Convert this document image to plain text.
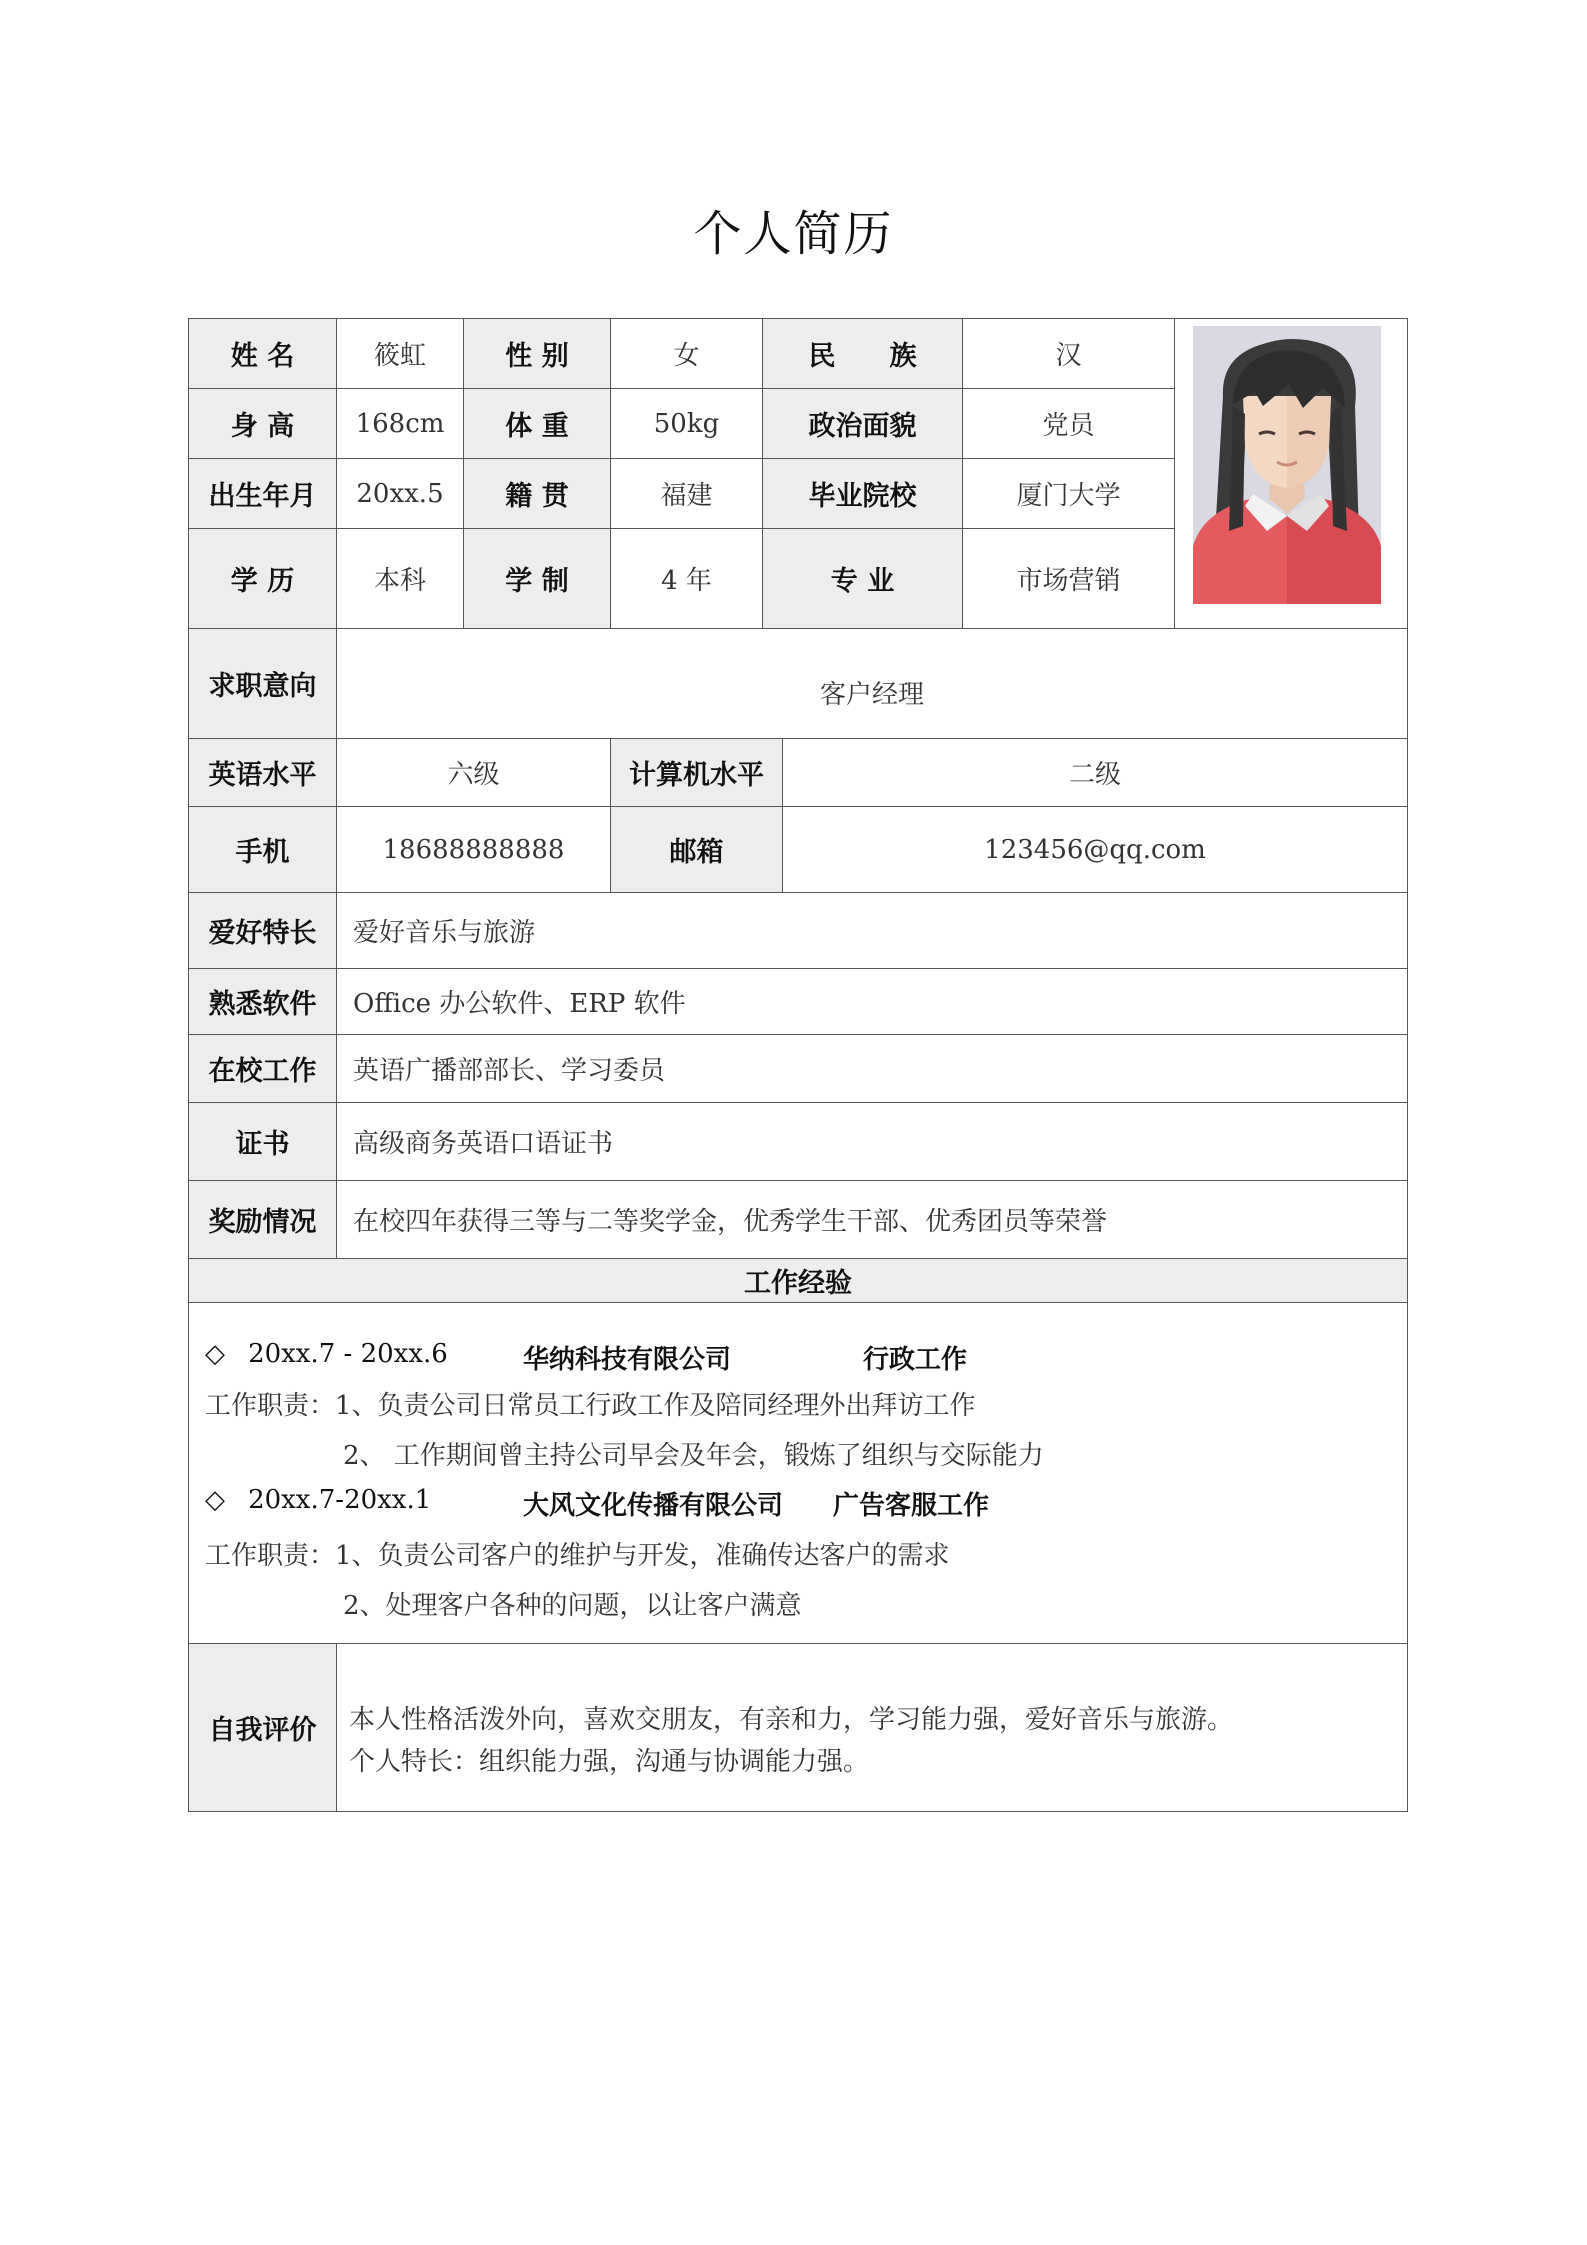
个人简历
姓 名	筱虹	性 别	女	民　　族	汉
身 高	168cm	体 重	50kg	政治面貌	党员
出生年月	20xx.5	籍 贯	福建	毕业院校	厦门大学
学 历	本科	学 制	4 年	专 业	市场营销
求职意向	客户经理
英语水平	六级	计算机水平	二级
手机	18688888888	邮箱	123456@qq.com
爱好特长	爱好音乐与旅游
熟悉软件	Office 办公软件、ERP 软件
在校工作	英语广播部部长、学习委员
证书	高级商务英语口语证书
奖励情况	在校四年获得三等与二等奖学金，优秀学生干部、优秀团员等荣誉
工作经验
◇ 20xx.7 - 20xx.6	华纳科技有限公司	行政工作
工作职责：1、负责公司日常员工行政工作及陪同经理外出拜访工作
2、 工作期间曾主持公司早会及年会，锻炼了组织与交际能力
◇ 20xx.7-20xx.1	大风文化传播有限公司 广告客服工作
工作职责：1、负责公司客户的维护与开发，准确传达客户的需求
2、处理客户各种的问题，以让客户满意
自我评价	本人性格活泼外向，喜欢交朋友，有亲和力，学习能力强，爱好音乐与旅游。
个人特长：组织能力强，沟通与协调能力强。
